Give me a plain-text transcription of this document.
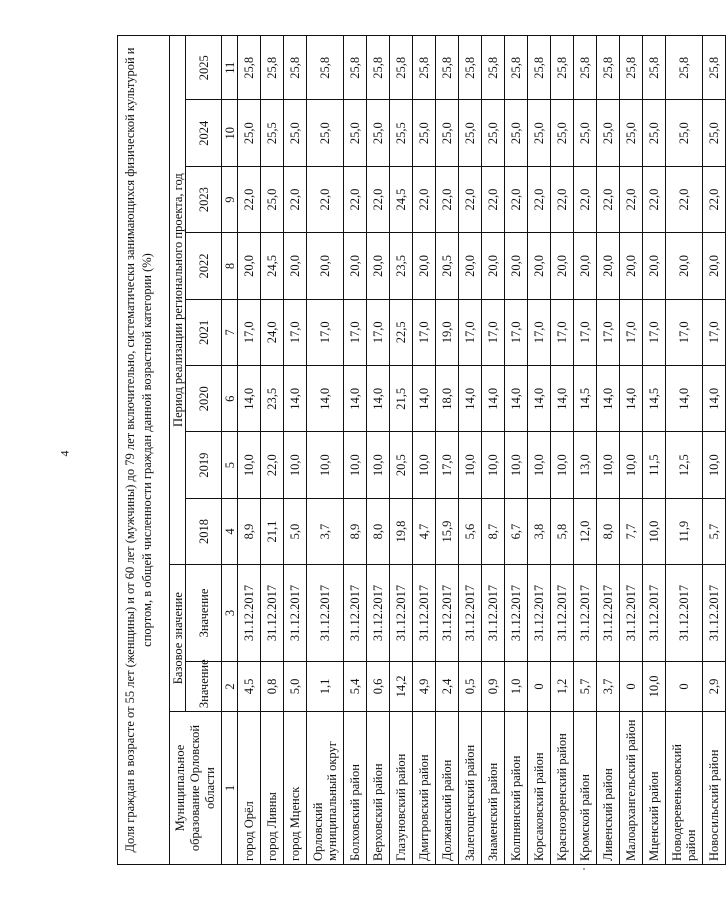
4	Доля граждан в возрасте от 55 лет (женщины) и от 60 лет (мужчины) до 79 лет включительно, систематически занимающихся физической культурой и спортом, в общей численности граждан данной возрастной категории (%)
Муниципальное образование Орловской области	Базовое значение		Период реализации регионального проекта, год							
	Значение	Значение	2018	2019	2020	2021	2022	2023	2024	2025
1	2	3	4	5	6	7	8	9	10	11
город Орёл	4,5	31.12.2017	8,9	10,0	14,0	17,0	20,0	22,0	25,0	25,8
город Ливны	0,8	31.12.2017	21,1	22,0	23,5	24,0	24,5	25,0	25,5	25,8
город Мценск	5,0	31.12.2017	5,0	10,0	14,0	17,0	20,0	22,0	25,0	25,8
Орловский муниципальный округ	1,1	31.12.2017	3,7	10,0	14,0	17,0	20,0	22,0	25,0	25,8
Болховский район	5,4	31.12.2017	8,9	10,0	14,0	17,0	20,0	22,0	25,0	25,8
Верховский район	0,6	31.12.2017	8,0	10,0	14,0	17,0	20,0	22,0	25,0	25,8
Глазуновский район	14,2	31.12.2017	19,8	20,5	21,5	22,5	23,5	24,5	25,5	25,8
Дмитровский район	4,9	31.12.2017	4,7	10,0	14,0	17,0	20,0	22,0	25,0	25,8
Должанский район	2,4	31.12.2017	15,9	17,0	18,0	19,0	20,5	22,0	25,0	25,8
Залегощенский район	0,5	31.12.2017	5,6	10,0	14,0	17,0	20,0	22,0	25,0	25,8
Знаменский район	0,9	31.12.2017	8,7	10,0	14,0	17,0	20,0	22,0	25,0	25,8
Колпнянский район	1,0	31.12.2017	6,7	10,0	14,0	17,0	20,0	22,0	25,0	25,8
Корсаковский район	0	31.12.2017	3,8	10,0	14,0	17,0	20,0	22,0	25,0	25,8
Краснозоренский район	1,2	31.12.2017	5,8	10,0	14,0	17,0	20,0	22,0	25,0	25,8
Кромской район	5,7	31.12.2017	12,0	13,0	14,5	17,0	20,0	22,0	25,0	25,8
Ливенский район	3,7	31.12.2017	8,0	10,0	14,0	17,0	20,0	22,0	25,0	25,8
Малоархангельский район	0	31.12.2017	7,7	10,0	14,0	17,0	20,0	22,0	25,0	25,8
Мценский район	10,0	31.12.2017	10,0	11,5	14,5	17,0	20,0	22,0	25,0	25,8
Новодеревеньковский район	0	31.12.2017	11,9	12,5	14,0	17,0	20,0	22,0	25,0	25,8
Новосильский район	2,9	31.12.2017	5,7	10,0	14,0	17,0	20,0	22,0	25,0	25,8
